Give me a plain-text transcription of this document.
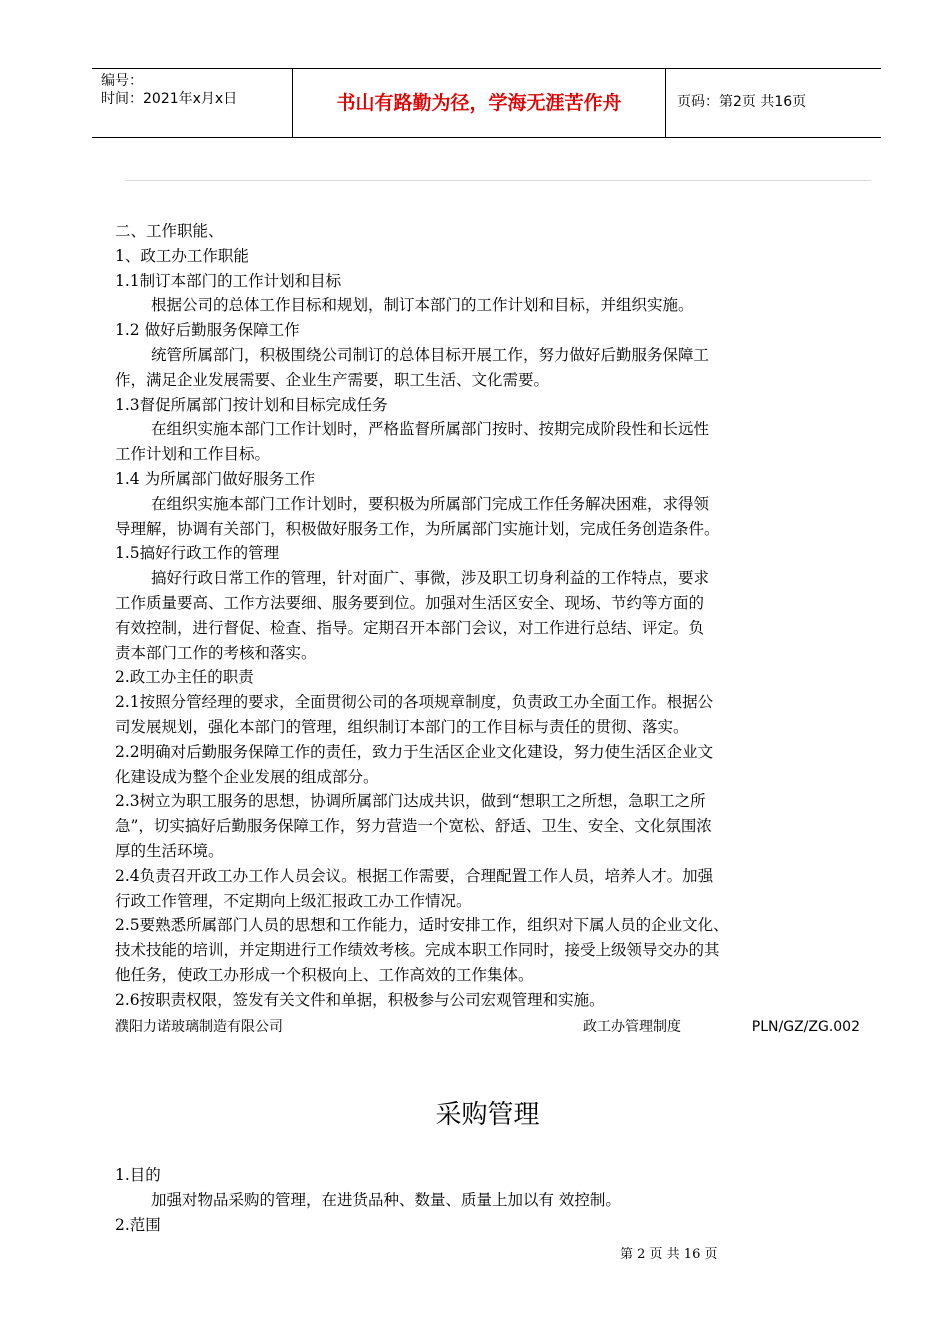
编号：
时间：2021年x月x日	书山有路勤为径，学海无涯苦作舟	页码：第2页 共16页
二、工作职能、
1、政工办工作职能
1.1制订本部门的工作计划和目标
根据公司的总体工作目标和规划，制订本部门的工作计划和目标，并组织实施。
1.2 做好后勤服务保障工作
统管所属部门，积极围绕公司制订的总体目标开展工作，努力做好后勤服务保障工
作，满足企业发展需要、企业生产需要，职工生活、文化需要。
1.3督促所属部门按计划和目标完成任务
在组织实施本部门工作计划时，严格监督所属部门按时、按期完成阶段性和长远性
工作计划和工作目标。
1.4 为所属部门做好服务工作
在组织实施本部门工作计划时，要积极为所属部门完成工作任务解决困难，求得领
导理解，协调有关部门，积极做好服务工作，为所属部门实施计划，完成任务创造条件。
1.5搞好行政工作的管理
搞好行政日常工作的管理，针对面广、事微，涉及职工切身利益的工作特点，要求
工作质量要高、工作方法要细、服务要到位。加强对生活区安全、现场、节约等方面的
有效控制，进行督促、检查、指导。定期召开本部门会议，对工作进行总结、评定。负
责本部门工作的考核和落实。
2.政工办主任的职责
2.1按照分管经理的要求，全面贯彻公司的各项规章制度，负责政工办全面工作。根据公
司发展规划，强化本部门的管理，组织制订本部门的工作目标与责任的贯彻、落实。
2.2明确对后勤服务保障工作的责任，致力于生活区企业文化建设，努力使生活区企业文
化建设成为整个企业发展的组成部分。
2.3树立为职工服务的思想，协调所属部门达成共识，做到“想职工之所想，急职工之所
急”，切实搞好后勤服务保障工作，努力营造一个宽松、舒适、卫生、安全、文化氛围浓
厚的生活环境。
2.4负责召开政工办工作人员会议。根据工作需要，合理配置工作人员，培养人才。加强
行政工作管理，不定期向上级汇报政工办工作情况。
2.5要熟悉所属部门人员的思想和工作能力，适时安排工作，组织对下属人员的企业文化、
技术技能的培训，并定期进行工作绩效考核。完成本职工作同时，接受上级领导交办的其
他任务，使政工办形成一个积极向上、工作高效的工作集体。
2.6按职责权限，签发有关文件和单据，积极参与公司宏观管理和实施。
濮阳力诺玻璃制造有限公司	政工办管理制度	PLN/GZ/ZG.002
采购管理
1.目的
加强对物品采购的管理，在进货品种、数量、质量上加以有 效控制。
2.范围
第 2 页 共 16 页
